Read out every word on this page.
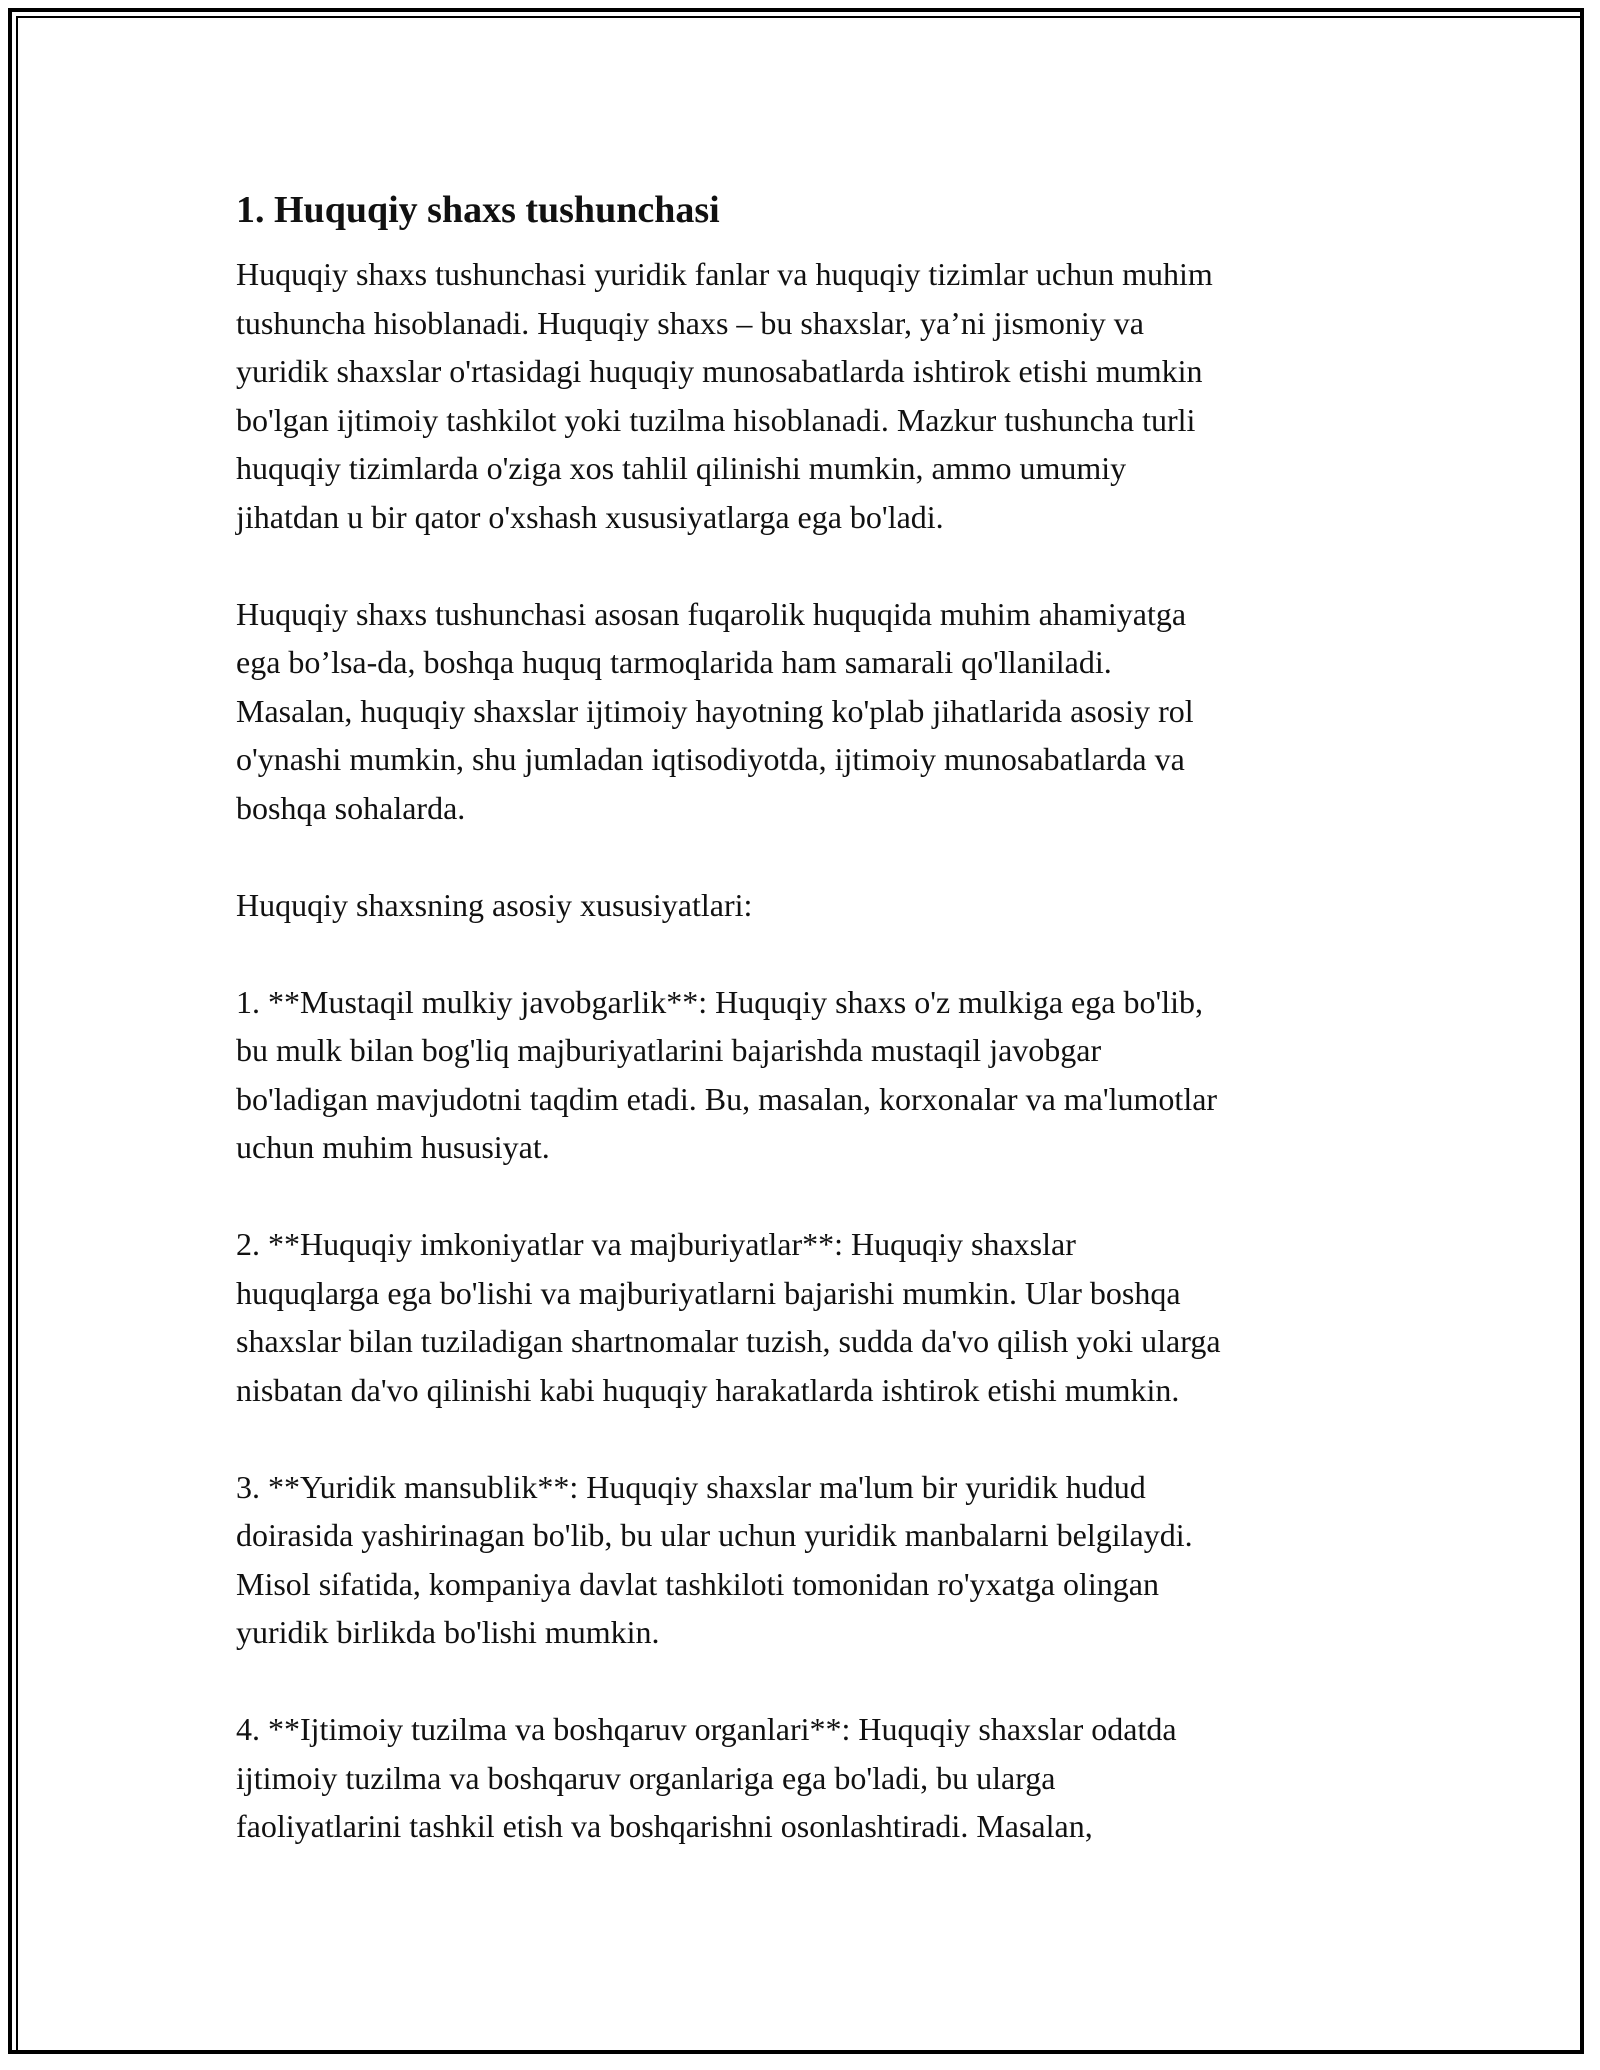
1. Huquqiy shaxs tushunchasi
Huquqiy shaxs tushunchasi yuridik fanlar va huquqiy tizimlar uchun muhim
tushuncha hisoblanadi. Huquqiy shaxs – bu shaxslar, ya’ni jismoniy va
yuridik shaxslar o'rtasidagi huquqiy munosabatlarda ishtirok etishi mumkin
bo'lgan ijtimoiy tashkilot yoki tuzilma hisoblanadi. Mazkur tushuncha turli
huquqiy tizimlarda o'ziga xos tahlil qilinishi mumkin, ammo umumiy
jihatdan u bir qator o'xshash xususiyatlarga ega bo'ladi.
Huquqiy shaxs tushunchasi asosan fuqarolik huquqida muhim ahamiyatga
ega bo’lsa-da, boshqa huquq tarmoqlarida ham samarali qo'llaniladi.
Masalan, huquqiy shaxslar ijtimoiy hayotning ko'plab jihatlarida asosiy rol
o'ynashi mumkin, shu jumladan iqtisodiyotda, ijtimoiy munosabatlarda va
boshqa sohalarda.
Huquqiy shaxsning asosiy xususiyatlari:
1. **Mustaqil mulkiy javobgarlik**: Huquqiy shaxs o'z mulkiga ega bo'lib,
bu mulk bilan bog'liq majburiyatlarini bajarishda mustaqil javobgar
bo'ladigan mavjudotni taqdim etadi. Bu, masalan, korxonalar va ma'lumotlar
uchun muhim hususiyat.
2. **Huquqiy imkoniyatlar va majburiyatlar**: Huquqiy shaxslar
huquqlarga ega bo'lishi va majburiyatlarni bajarishi mumkin. Ular boshqa
shaxslar bilan tuziladigan shartnomalar tuzish, sudda da'vo qilish yoki ularga
nisbatan da'vo qilinishi kabi huquqiy harakatlarda ishtirok etishi mumkin.
3. **Yuridik mansublik**: Huquqiy shaxslar ma'lum bir yuridik hudud
doirasida yashirinagan bo'lib, bu ular uchun yuridik manbalarni belgilaydi.
Misol sifatida, kompaniya davlat tashkiloti tomonidan ro'yxatga olingan
yuridik birlikda bo'lishi mumkin.
4. **Ijtimoiy tuzilma va boshqaruv organlari**: Huquqiy shaxslar odatda
ijtimoiy tuzilma va boshqaruv organlariga ega bo'ladi, bu ularga
faoliyatlarini tashkil etish va boshqarishni osonlashtiradi. Masalan,
